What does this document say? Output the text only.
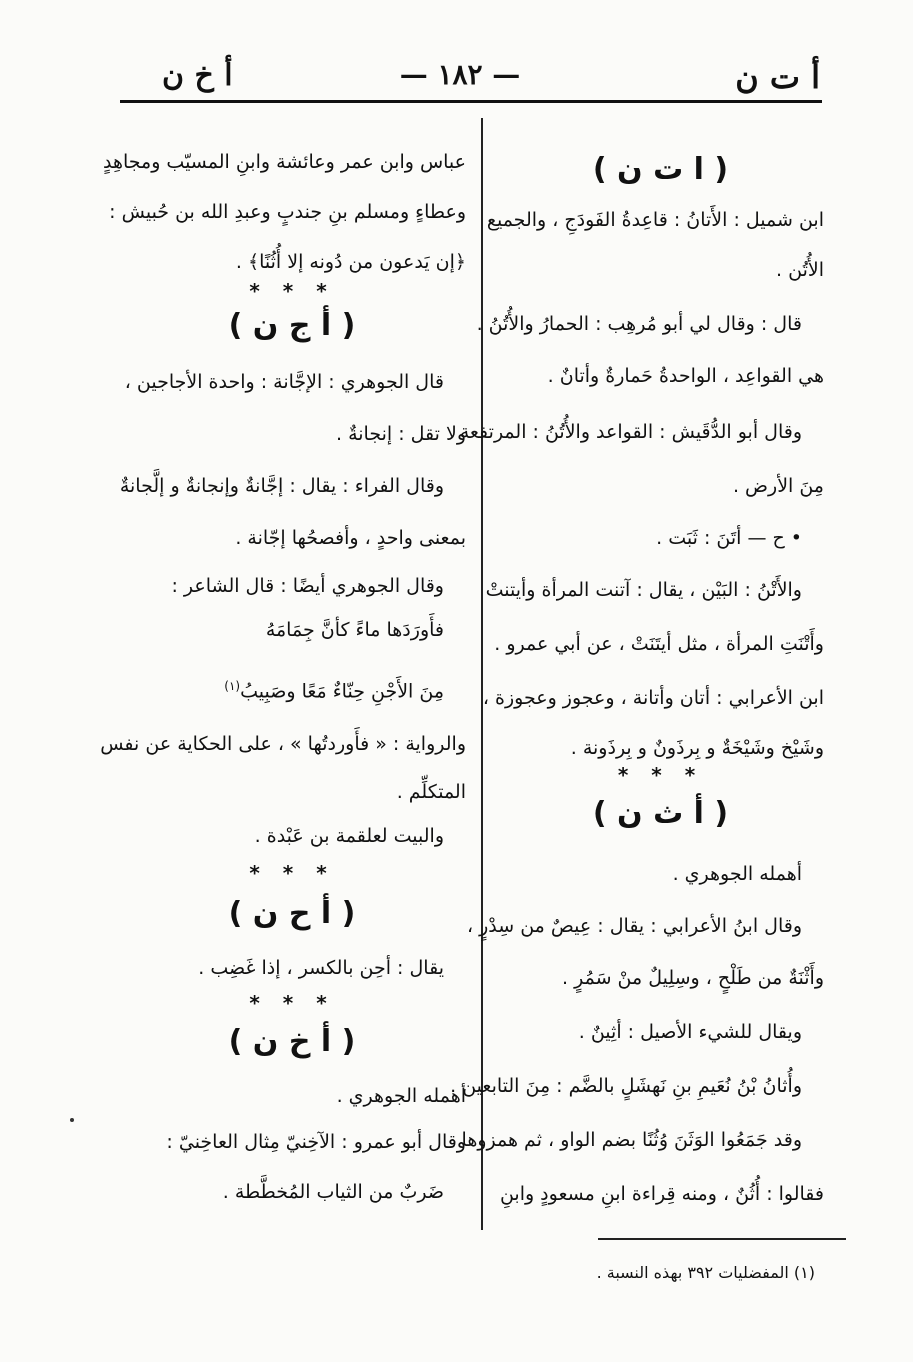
أ ت ن
— ١٨٢ —
أ خ ن
( ا ت ن )
ابن شميل : الأَتانُ : قاعِدةُ الفَودَجِ ، والجميع
الأُتُن .
قال : وقال لي أبو مُرهِب : الحمارُ والأُتُنُ .
هي القواعِد ، الواحدةُ حَمارةٌ وأتانٌ .
وقال أبو الدُّقَيش : القواعد والأُتُنُ : المرتفعة
مِنَ الأرض .
• ح — أتَنَ : ثَبَت .
والأَتْنُ : البَيْن ، يقال : آتنت المرأة وأيتنتْ
وأَتْنَتِ المرأة ، مثل أيتَنَتْ ، عن أبي عمرو .
ابن الأعرابي : أتان وأتانة ، وعجوز وعجوزة ،
وشَيْخ وشَيْخَةٌ و بِرذَونٌ و بِرذَونة .
* * *
( أ ث ن )
أهمله الجوهري .
وقال ابنُ الأعرابي : يقال : عِيصٌ من سِدْرٍ ،
وأَثْنَةٌ من طَلْحٍ ، وسِلِيلٌ منْ سَمُرٍ .
ويقال للشيء الأصيل : أثِينٌ .
وأُثانُ بْنُ نُعَيمِ بنِ نَهشَلٍ بالضَّم : مِنَ التابعين .
وقد جَمَعُوا الوَثَنَ وُثُنًا بضم الواو ، ثم همزوها
فقالوا : أُثُنٌ ، ومنه قِراءة ابنِ مسعودٍ وابنِ
عباس وابن عمر وعائشة وابنِ المسيّب ومجاهِدٍ
وعطاءٍ ومسلم بنِ جندبٍ وعبدِ الله بن حُبيش :
﴿إن يَدعون من دُونه إلا أُثُنًا﴾ .
* * *
( أ ج ن )
قال الجوهري : الإجَّانة : واحدة الأجاجين ،
ولا تقل : إنجانةٌ .
وقال الفراء : يقال : إجَّانةٌ وإنجانةٌ و إلَّجانةٌ
بمعنى واحدٍ ، وأفصحُها إجّانة .
وقال الجوهري أيضًا : قال الشاعر :
فأَورَدَها ماءً كأنَّ جِمَامَهُ
مِنَ الأَجْنِ حِنّاءٌ مَعًا وصَبِيبُ$^{(١)}$
والرواية : « فأَوردتُها » ، على الحكاية عن نفس
المتكلِّم .
والبيت لعلقمة بن عَبْدة .
* * *
( أ ح ن )
يقال : أحِن بالكسر ، إذا غَضِب .
* * *
( أ خ ن )
أهمله الجوهري .
وقال أبو عمرو : الآخِنيّ مِثال العاخِنيّ :
ضَربٌ من الثياب المُخطَّطة .
(١) المفضليات ٣٩٢ بهذه النسبة .
